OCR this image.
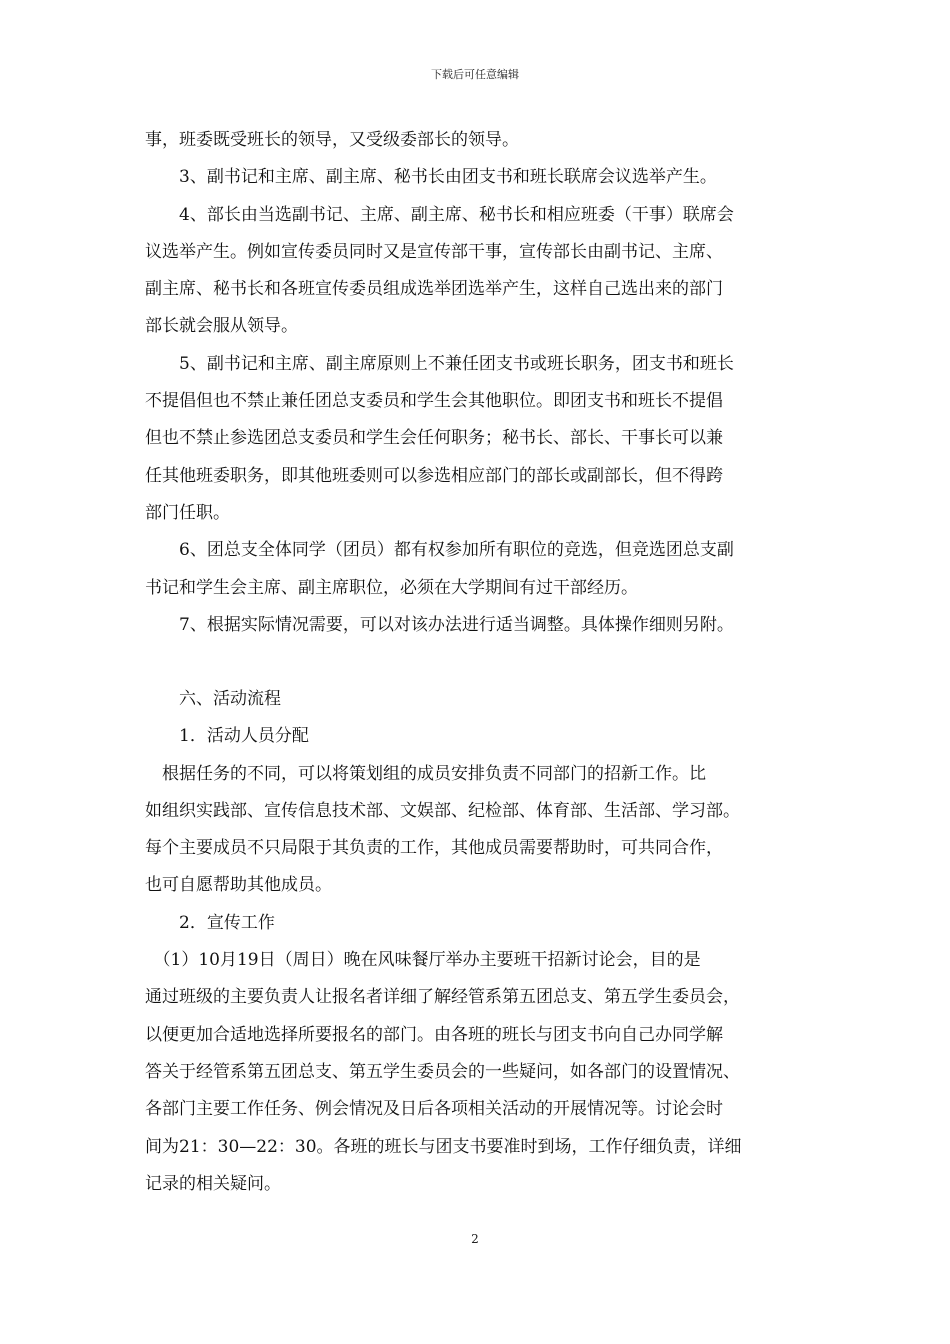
下载后可任意编辑
事，班委既受班长的领导，又受级委部长的领导。
　　3、副书记和主席、副主席、秘书长由团支书和班长联席会议选举产生。
　　4、部长由当选副书记、主席、副主席、秘书长和相应班委（干事）联席会
议选举产生。例如宣传委员同时又是宣传部干事，宣传部长由副书记、主席、
副主席、秘书长和各班宣传委员组成选举团选举产生，这样自己选出来的部门
部长就会服从领导。
　　5、副书记和主席、副主席原则上不兼任团支书或班长职务，团支书和班长
不提倡但也不禁止兼任团总支委员和学生会其他职位。即团支书和班长不提倡
但也不禁止参选团总支委员和学生会任何职务；秘书长、部长、干事长可以兼
任其他班委职务，即其他班委则可以参选相应部门的部长或副部长，但不得跨
部门任职。
　　6、团总支全体同学（团员）都有权参加所有职位的竞选，但竞选团总支副
书记和学生会主席、副主席职位，必须在大学期间有过干部经历。
　　7、根据实际情况需要，可以对该办法进行适当调整。具体操作细则另附。
　　六、活动流程
　　1．活动人员分配
　根据任务的不同，可以将策划组的成员安排负责不同部门的招新工作。比
如组织实践部、宣传信息技术部、文娱部、纪检部、体育部、生活部、学习部。
每个主要成员不只局限于其负责的工作，其他成员需要帮助时，可共同合作，
也可自愿帮助其他成员。
　　2．宣传工作
　（1）10月19日（周日）晚在风味餐厅举办主要班干招新讨论会，目的是
通过班级的主要负责人让报名者详细了解经管系第五团总支、第五学生委员会，
以便更加合适地选择所要报名的部门。由各班的班长与团支书向自己办同学解
答关于经管系第五团总支、第五学生委员会的一些疑问，如各部门的设置情况、
各部门主要工作任务、例会情况及日后各项相关活动的开展情况等。讨论会时
间为21：30—22：30。各班的班长与团支书要准时到场，工作仔细负责，详细
记录的相关疑问。
2
